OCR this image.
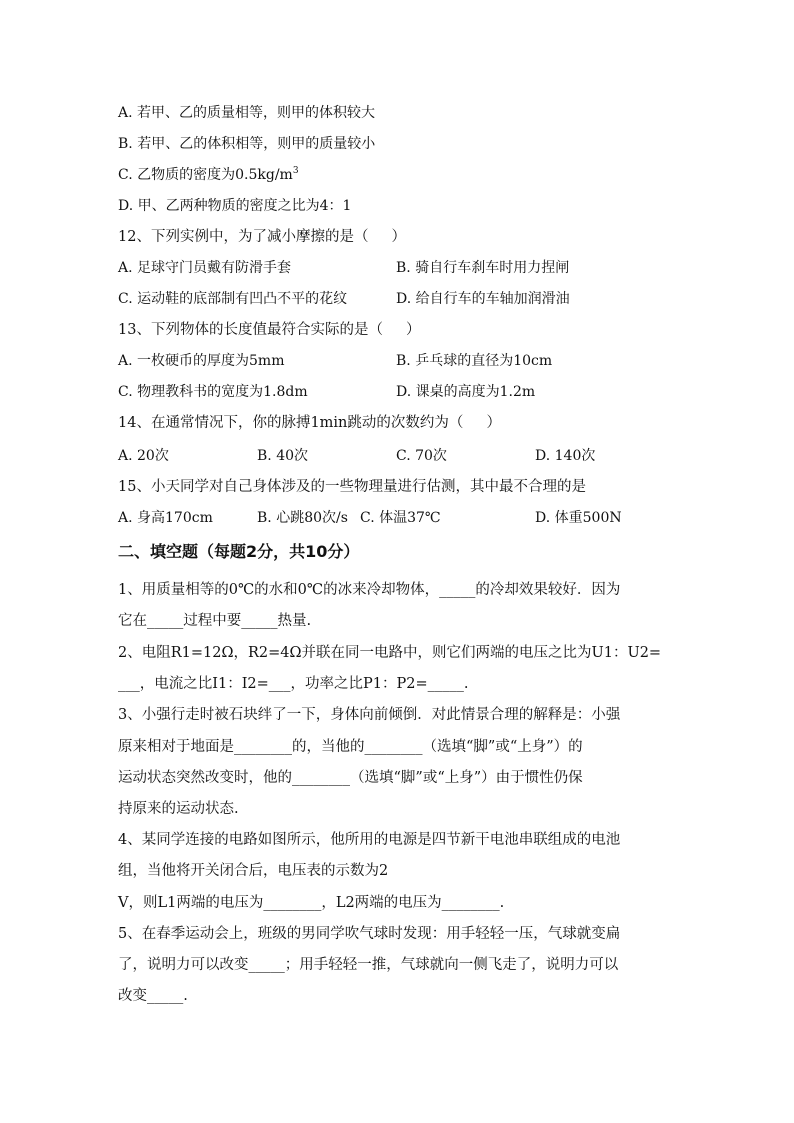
A. 若甲、乙的质量相等，则甲的体积较大
B. 若甲、乙的体积相等，则甲的质量较小
C. 乙物质的密度为$0.5kg/m^3$
D. 甲、乙两种物质的密度之比为4：1
12、下列实例中，为了减小摩擦的是（     ）
A. 足球守门员戴有防滑手套	B. 骑自行车刹车时用力捏闸
C. 运动鞋的底部制有凹凸不平的花纹	D. 给自行车的车轴加润滑油
13、下列物体的长度值最符合实际的是（     ）
A. 一枚硬币的厚度为5mm	B. 乒乓球的直径为10cm
C. 物理教科书的宽度为1.8dm	D. 课桌的高度为1.2m
14、在通常情况下，你的脉搏1min跳动的次数约为（     ）
A. 20次	B. 40次	C. 70次	D. 140次
15、小天同学对自己身体涉及的一些物理量进行估测，其中最不合理的是
A. 身高170cm	B. 心跳80次/s C. 体温37℃	D. 体重500N
二、填空题（每题2分，共10分）
1、用质量相等的0℃的水和0℃的冰来冷却物体，_____的冷却效果较好．因为
它在_____过程中要_____热量.
2、电阻R1=12Ω，R2=4Ω并联在同一电路中，则它们两端的电压之比为U1：U2=
___，电流之比I1：I2=___，功率之比P1：P2=_____.
3、小强行走时被石块绊了一下，身体向前倾倒．对此情景合理的解释是：小强
原来相对于地面是________的，当他的________（选填“脚”或“上身”）的
运动状态突然改变时，他的________（选填“脚”或“上身”）由于惯性仍保
持原来的运动状态.
4、某同学连接的电路如图所示，他所用的电源是四节新干电池串联组成的电池
组，当他将开关闭合后，电压表的示数为2
V，则L1两端的电压为________，L2两端的电压为________.
5、在春季运动会上，班级的男同学吹气球时发现：用手轻轻一压，气球就变扁
了，说明力可以改变_____；用手轻轻一推，气球就向一侧飞走了，说明力可以
改变_____.
